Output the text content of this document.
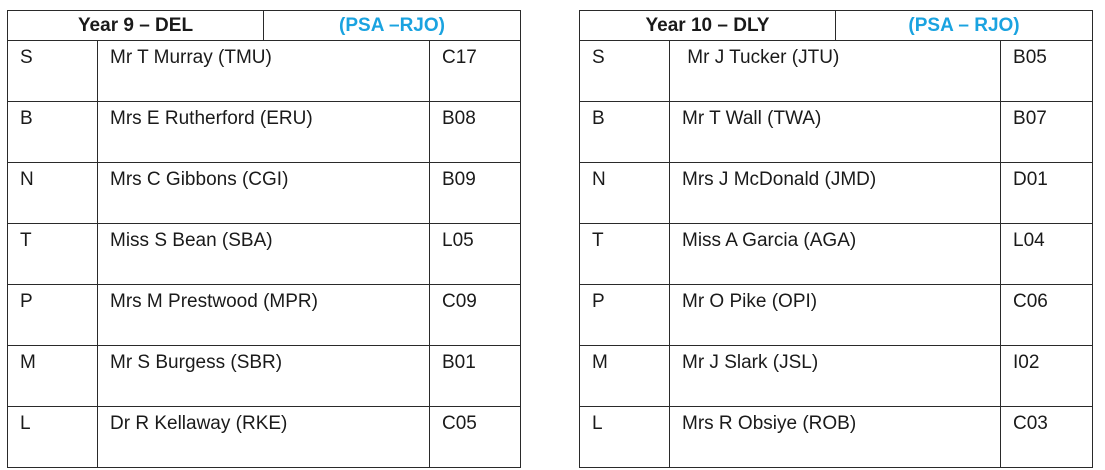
Year 9 – DEL		(PSA –RJO)	
S	Mr T Murray (TMU)		C17
B	Mrs E Rutherford (ERU)		B08
N	Mrs C Gibbons (CGI)		B09
T	Miss S Bean (SBA)		L05
P	Mrs M Prestwood (MPR)		C09
M	Mr S Burgess (SBR)		B01
L	Dr R Kellaway (RKE)		C05
Year 10 – DLY		(PSA – RJO)	
S	Mr J Tucker (JTU)		B05
B	Mr T Wall (TWA)		B07
N	Mrs J McDonald (JMD)		D01
T	Miss A Garcia (AGA)		L04
P	Mr O Pike (OPI)		C06
M	Mr J Slark (JSL)		I02
L	Mrs R Obsiye (ROB)		C03
